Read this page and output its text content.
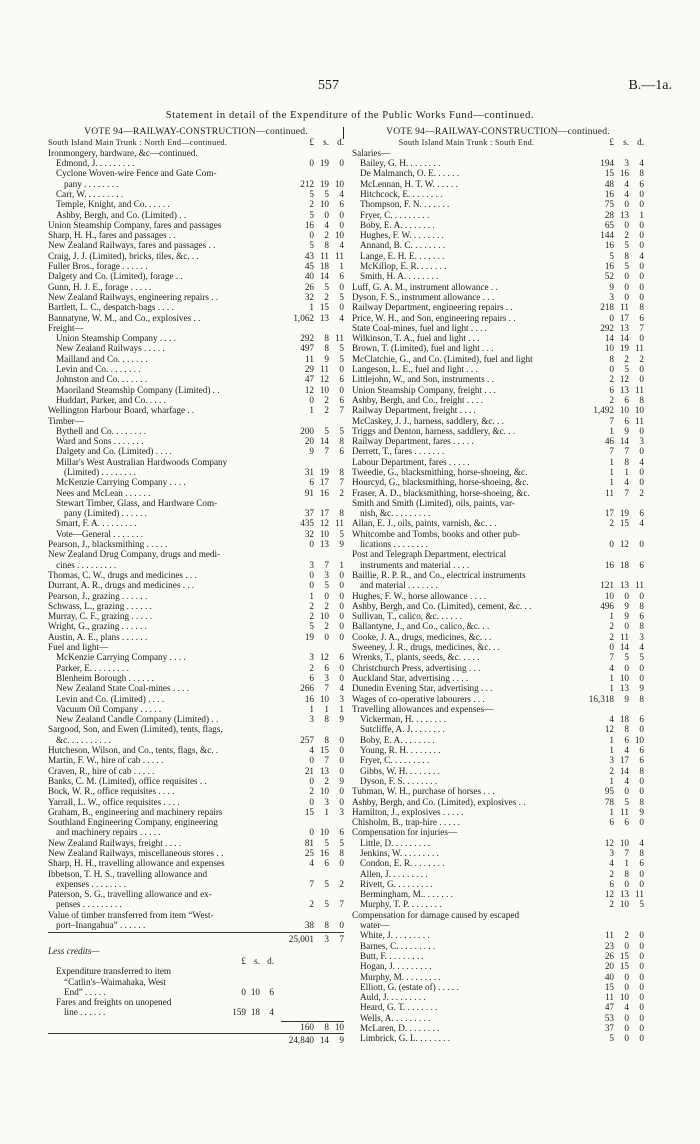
557	B.—1a.
Statement in detail of the Expenditure of the Public Works Fund—continued.
VOTE 94—RAILWAY-CONSTRUCTION—continued.
South Island Main Trunk : North End—continued.	£ s. d.
Ironmongery, hardware, &c—continued.
Edmond, J. . . . . . . . .	0 19	0
Cyclone Woven-wire Fence and Gate Com-
pany . . . . . . . .	212 19 10
Carr, W. . . . . . . . .	5	5	4
Temple, Knight, and Co. . . . . .	2 10	6
Ashby, Bergh, and Co. (Limited) . .	5	0	0
Union Steamship Company, fares and passages	16	4	0
Sharp, H. H., fares and passages . .	0	2 10
New Zealand Railways, fares and passages . .	5	8	4
Craig, J. J. (Limited), bricks, tiles, &c. . .	43 11 11
Fuller Bros., forage . . . . . .	45 18	1
Dalgety and Co. (Limited), forage . .	40 14	6
Gunn, H. J. E., forage . . . . .	26	5	0
New Zealand Railways, engineering repairs . .	32	2	5
Bartlett, L. C., despatch-bags . . . .	1 15	0
Bannatyne, W. M., and Co., explosives . .	1,062 13	4
Freight—
Union Steamship Company . . . .	292	8 11
New Zealand Railways . . . . .	497	8	5
Mailland and Co. . . . . . .	11	9	5
Levin and Co. . . . . . . .	29 11	0
Johnston and Co. . . . . . .	47 12	6
Maoriland Steamship Company (Limited) . .	12 10	0
Huddart, Parker, and Co. . . . .	0	2	6
Wellington Harbour Board, wharfage . .	1	2	7
Timber—
Bythell and Co. . . . . . . .	200	5	5
Ward and Sons . . . . . . .	20 14	8
Dalgety and Co. (Limited) . . . .	9	7	6
Millar's West Australian Hardwoods Company
(Limited) . . . . . . . .	31 19	8
McKenzie Carrying Company . . . .	6 17	7
Nees and McLean . . . . . .	91 16	2
Stewart Timber, Glass, and Hardware Com-
pany (Limited) . . . . . .	37 17	8
Smart, F. A. . . . . . . . .	435 12 11
Vote—General . . . . . . .	32 10	5
Pearson, J., blacksmithing . . . . .	0 13	9
New Zealand Drug Company, drugs and medi-
cines . . . . . . . . .	3	7	1
Thomas, C. W., drugs and medicines . . .	0	3	0
Durrant, A. R., drugs and medicines . . .	0	5	0
Pearson, J., grazing . . . . . .	1	0	0
Schwass, L., grazing . . . . . .	2	2	0
Murray, C. F., grazing . . . . .	2 10	0
Wright, G., grazing . . . . . .	5	2	0
Austin, A. E., plans . . . . . .	19	0	0
Fuel and light—
McKenzie Carrying Company . . . .	3 12	6
Parker, E. . . . . . . . .	2	6	0
Blenheim Borough . . . . . .	6	3	0
New Zealand State Coal-mines . . . .	266	7	4
Levin and Co. (Limited) . . . .	16 10	3
Vacuum Oil Company . . . . .	1	1	1
New Zealand Candle Company (Limited) . .	3	8	9
Sargood, Son, and Ewen (Limited), tents, flags,
&c. . . . . . . . . .	257	8	0
Hutcheson, Wilson, and Co., tents, flags, &c. .	4 15	0
Martin, F. W., hire of cab . . . . .	0	7	0
Craven, R., hire of cab . . . . .	21 13	0
Banks, C. M. (Limited), office requisites . .	0	2	9
Bock, W. R., office requisites . . . .	2 10	0
Yarrall, L. W., office requisites . . . .	0	3	0
Graham, B., engineering and machinery repairs	15	1	3
Southland Engineering Company, engineering
and machinery repairs . . . . .	0 10	6
New Zealand Railways, freight . . . .	81	5	5
New Zealand Railways, miscellaneous stores . .	25 16	8
Sharp, H. H., travelling allowance and expenses	4	6	0
Ibbetson, T. H. S., travelling allowance and
expenses . . . . . . . .	7	5	2
Paterson, S. G., travelling allowance and ex-
penses . . . . . . . . .	2	5	7
Value of timber transferred from item “West-
port–Inangahua” . . . . . .	38	8	0
25,001	3	7
Less credits—
£ s. d.
Expenditure transferred to item
“Catlin's–Waimahaka, West
End” . . . . .	0 10	6
Fares and freights on unopened
line . . . . . .	159 18	4
160	8 10
24,840 14	9
VOTE 94—RAILWAY-CONSTRUCTION—continued.
South Island Main Trunk : South End.	£ s. d.
Salaries—
Bailey, G. H. . . . . . . .	194	3	4
De Malmanch, O. E. . . . . .	15 16	8
McLennan, H. T. W. . . . . .	48	4	6
Hitchcock, E. . . . . . . .	16	4	0
Thompson, F. N. . . . . . .	75	0	0
Fryer, C. . . . . . . . .	28 13	1
Boby, E. A. . . . . . . .	65	0	0
Hughes, F. W. . . . . . . .	144	2	0
Annand, B. C. . . . . . . .	16	5	0
Lange, E. H. E. . . . . . .	5	8	4
McKillop, E. R. . . . . . .	16	5	0
Smith, H. A. . . . . . . .	52	0	0
Luff, G. A. M., instrument allowance . .	9	0	0
Dyson, F. S., instrument allowance . . .	3	0	0
Railway Department, engineering repairs . .	218 11	8
Price, W. H., and Son, engineering repairs . .	0 17	6
State Coal-mines, fuel and light . . . .	292 13	7
Wilkinson, T. A., fuel and light . . .	14 14	0
Brown, T. (Limited), fuel and light . . .	10 19 11
McClatchie, G., and Co. (Limited), fuel and light	8	2	2
Langeson, L. E., fuel and light . . .	0	5	0
Littlejohn, W., and Son, instruments . .	2 12	0
Union Steamship Company, freight . . .	6 13 11
Ashby, Bergh, and Co., freight . . . .	2	6	8
Railway Department, freight . . . .	1,492 10 10
McCaskey, J. J., harness, saddlery, &c. . .	7	6 11
Triggs and Denton, harness, saddlery, &c. . .	1	9	0
Railway Department, fares . . . . .	46 14	3
Derrett, T., fares . . . . . . .	7	7	0
Labour Department, fares . . . . .	1	8	4
Tweedie, G., blacksmithing, horse-shoeing, &c.	1	1	0
Hourcyd, G., blacksmithing, horse-shoeing, &c.	1	4	0
Fraser, A. D., blacksmithing, horse-shoeing, &c.	11	7	2
Smith and Smith (Limited), oils, paints, var-
nish, &c. . . . . . . . .	17 19	6
Allan, E. J., oils, paints, varnish, &c. . .	2 15	4
Whitcombe and Tombs, books and other pub-
lications . . . . . . . .	0 12	0
Post and Telegraph Department, electrical
instruments and material . . . .	16 18	6
Baillie, R. P. R., and Co., electrical instruments
and material . . . . . . .	121 13 11
Hughes, F. W., horse allowance . . . .	10	0	0
Ashby, Bergh, and Co. (Limited), cement, &c. . .	496	9	8
Sullivan, T., calico, &c. . . . . .	1	9	6
Ballantyne, J., and Co., calico, &c. . .	2	0	8
Cooke, J. A., drugs, medicines, &c. . .	2 11	3
Sweeney, J. R., drugs, medicines, &c. . .	0 14	4
Wrenks, T., plants, seeds, &c. . . . .	7	5	5
Christchurch Press, advertising . . .	4	0	0
Auckland Star, advertising . . . .	1 10	0
Dunedin Evening Star, advertising . . .	1 13	9
Wages of co-operative labourers . . .	16,318	9	8
Travelling allowances and expenses—
Vickerman, H. . . . . . . .	4 18	6
Sutcliffe, A. J. . . . . . . .	12	8	0
Boby, E. A. . . . . . . .	1	6 10
Young, R. H. . . . . . . .	1	4	6
Fryer, C. . . . . . . . .	3 17	6
Gibbs, W. H. . . . . . . .	2 14	8
Dyson, F. S. . . . . . . .	1	4	0
Tubman, W. H., purchase of horses . . .	95	0	0
Ashby, Bergh, and Co. (Limited), explosives . .	78	5	8
Hamilton, J., explosives . . . . .	1 11	9
Chisholm, B., trap-hire . . . . .	6	6	0
Compensation for injuries—
Little, D. . . . . . . . .	12 10	4
Jenkins, W. . . . . . . . .	3	7	8
Condon, E. R. . . . . . . .	4	1	6
Allen, J. . . . . . . . .	2	8	0
Rivett, G. . . . . . . . .	6	0	0
Bermingham, M.. . . . . . .	12 13 11
Murphy, T. P. . . . . . . .	2 10	5
Compensation for damage caused by escaped
water—
White, J. . . . . . . . .	11	2	0
Barnes, C. . . . . . . . .	23	0	0
Butt, F. . . . . . . . .	26 15	0
Hogan, J. . . . . . . . .	20 15	0
Murphy, M. . . . . . . . .	40	0	0
Elliott, G. (estate of) . . . . .	15	0	0
Auld, J. . . . . . . . .	11 10	0
Heard, G. T. . . . . . . .	47	4	0
Wells, A. . . . . . . . .	53	0	0
McLaren, D. . . . . . . .	37	0	0
Limbrick, G. L. . . . . . . .	5	0	0
